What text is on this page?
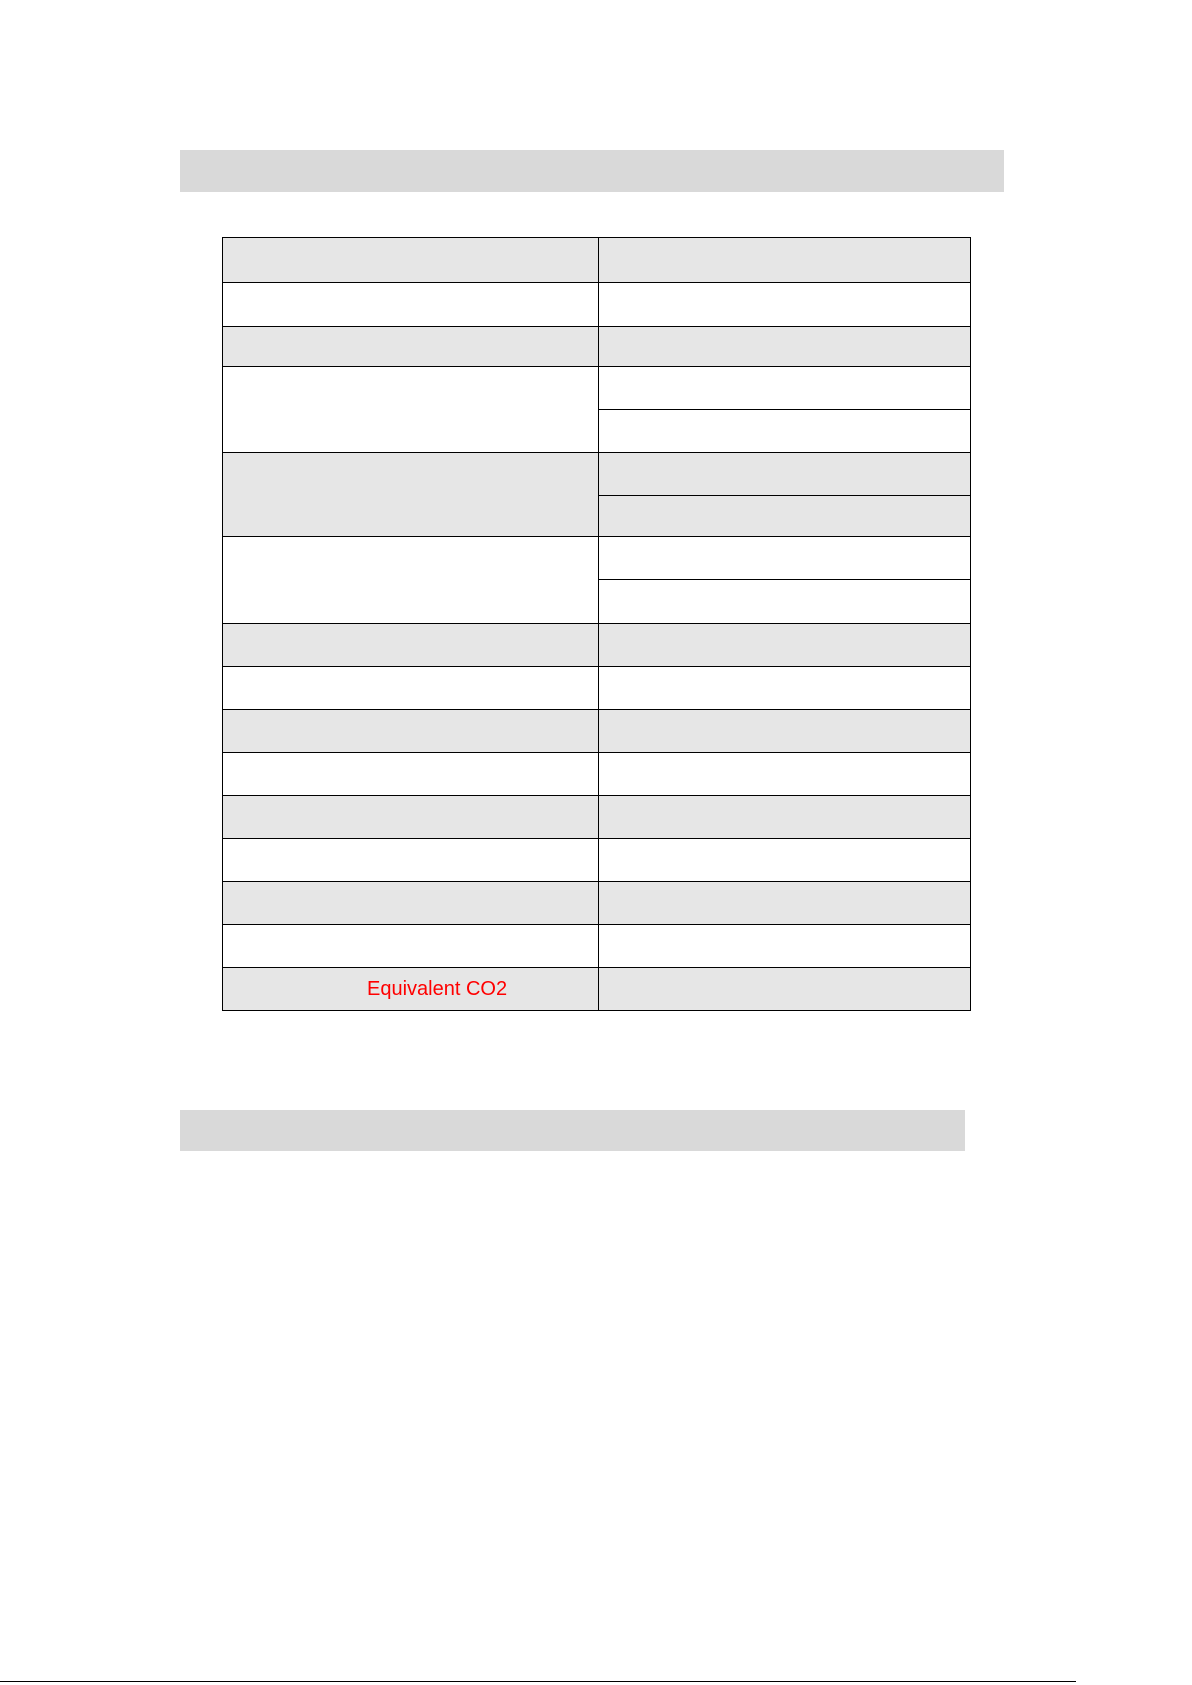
Equivalent CO2	
